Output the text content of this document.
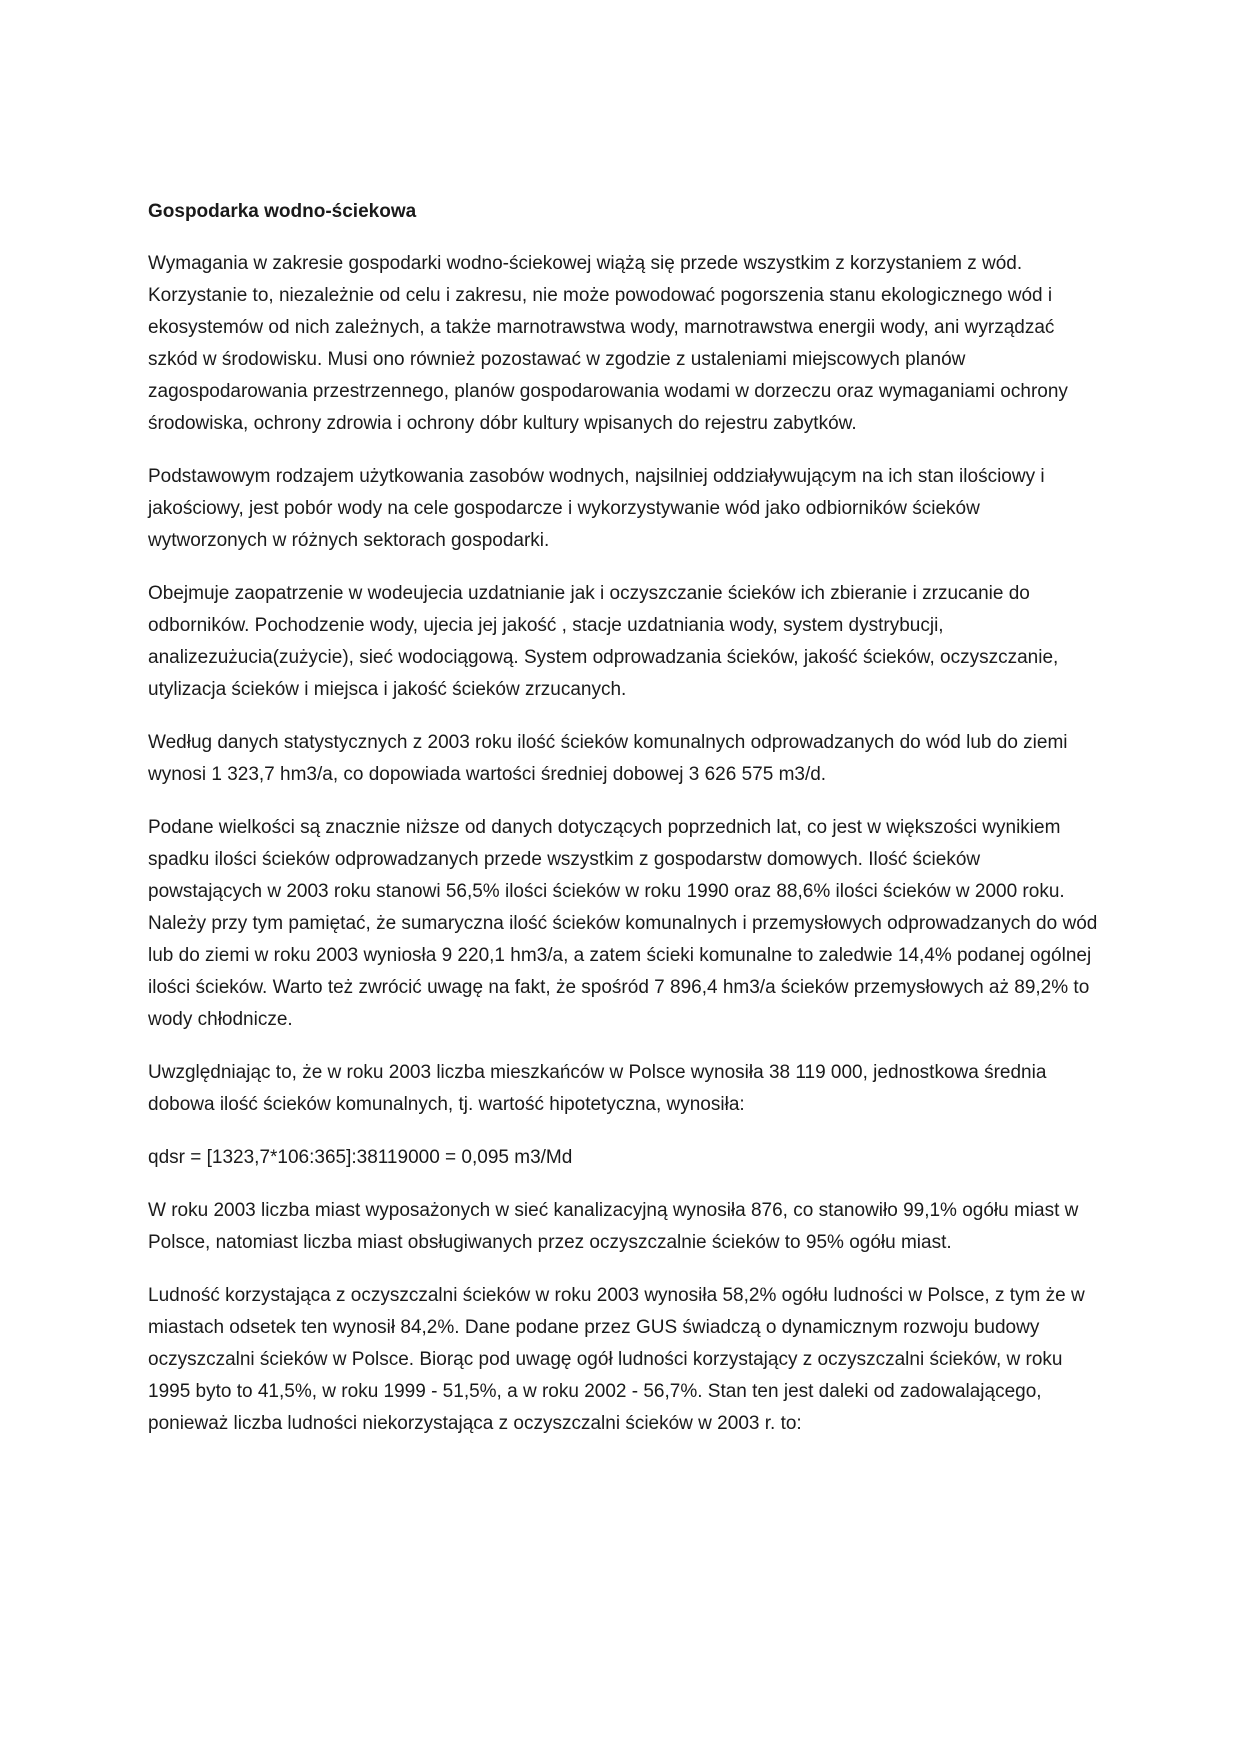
Gospodarka wodno-ściekowa

Wymagania w zakresie gospodarki wodno-ściekowej wiążą się przede wszystkim z korzystaniem z wód. Korzystanie to, niezależnie od celu i zakresu, nie może powodować pogorszenia stanu ekologicznego wód i ekosystemów od nich zależnych, a także marnotrawstwa wody, marnotrawstwa energii wody, ani wyrządzać szkód w środowisku. Musi ono również pozostawać w zgodzie z ustaleniami miejscowych planów zagospodarowania przestrzennego, planów gospodarowania wodami w dorzeczu oraz wymaganiami ochrony środowiska, ochrony zdrowia i ochrony dóbr kultury wpisanych do rejestru zabytków.

Podstawowym rodzajem użytkowania zasobów wodnych, najsilniej oddziaływującym na ich stan ilościowy i jakościowy, jest pobór wody na cele gospodarcze i wykorzystywanie wód jako odbiorników ścieków wytworzonych w różnych sektorach gospodarki.

Obejmuje zaopatrzenie w wodeujecia uzdatnianie jak i oczyszczanie ścieków ich zbieranie i zrzucanie do odborników. Pochodzenie wody, ujecia jej jakość , stacje uzdatniania wody, system dystrybucji, analizezużucia(zużycie), sieć wodociągową. System odprowadzania ścieków, jakość ścieków, oczyszczanie, utylizacja ścieków i miejsca i jakość ścieków zrzucanych.

Według danych statystycznych z 2003 roku ilość ścieków komunalnych odprowadzanych do wód lub do ziemi wynosi 1 323,7 hm3/a, co dopowiada wartości średniej dobowej 3 626 575 m3/d.

Podane wielkości są znacznie niższe od danych dotyczących poprzednich lat, co jest w większości wynikiem spadku ilości ścieków odprowadzanych przede wszystkim z gospodarstw domowych. Ilość ścieków powstających w 2003 roku stanowi 56,5% ilości ścieków w roku 1990 oraz 88,6% ilości ścieków w 2000 roku. Należy przy tym pamiętać, że sumaryczna ilość ścieków komunalnych i przemysłowych odprowadzanych do wód lub do ziemi w roku 2003 wyniosła 9 220,1 hm3/a, a zatem ścieki komunalne to zaledwie 14,4% podanej ogólnej ilości ścieków. Warto też zwrócić uwagę na fakt, że spośród 7 896,4 hm3/a ścieków przemysłowych aż 89,2% to wody chłodnicze.

Uwzględniając to, że w roku 2003 liczba mieszkańców w Polsce wynosiła 38 119 000, jednostkowa średnia dobowa ilość ścieków komunalnych, tj. wartość hipotetyczna, wynosiła:

qdsr = [1323,7*106:365]:38119000 = 0,095 m3/Md

W roku 2003 liczba miast wyposażonych w sieć kanalizacyjną wynosiła 876, co stanowiło 99,1% ogółu miast w Polsce, natomiast liczba miast obsługiwanych przez oczyszczalnie ścieków to 95% ogółu miast.

Ludność korzystająca z oczyszczalni ścieków w roku 2003 wynosiła 58,2% ogółu ludności w Polsce, z tym że w miastach odsetek ten wynosił 84,2%. Dane podane przez GUS świadczą o dynamicznym rozwoju budowy oczyszczalni ścieków w Polsce. Biorąc pod uwagę ogół ludności korzystający z oczyszczalni ścieków, w roku 1995 byto to 41,5%, w roku 1999 - 51,5%, a w roku 2002 - 56,7%. Stan ten jest daleki od zadowalającego, ponieważ liczba ludności niekorzystająca z oczyszczalni ścieków w 2003 r. to:
